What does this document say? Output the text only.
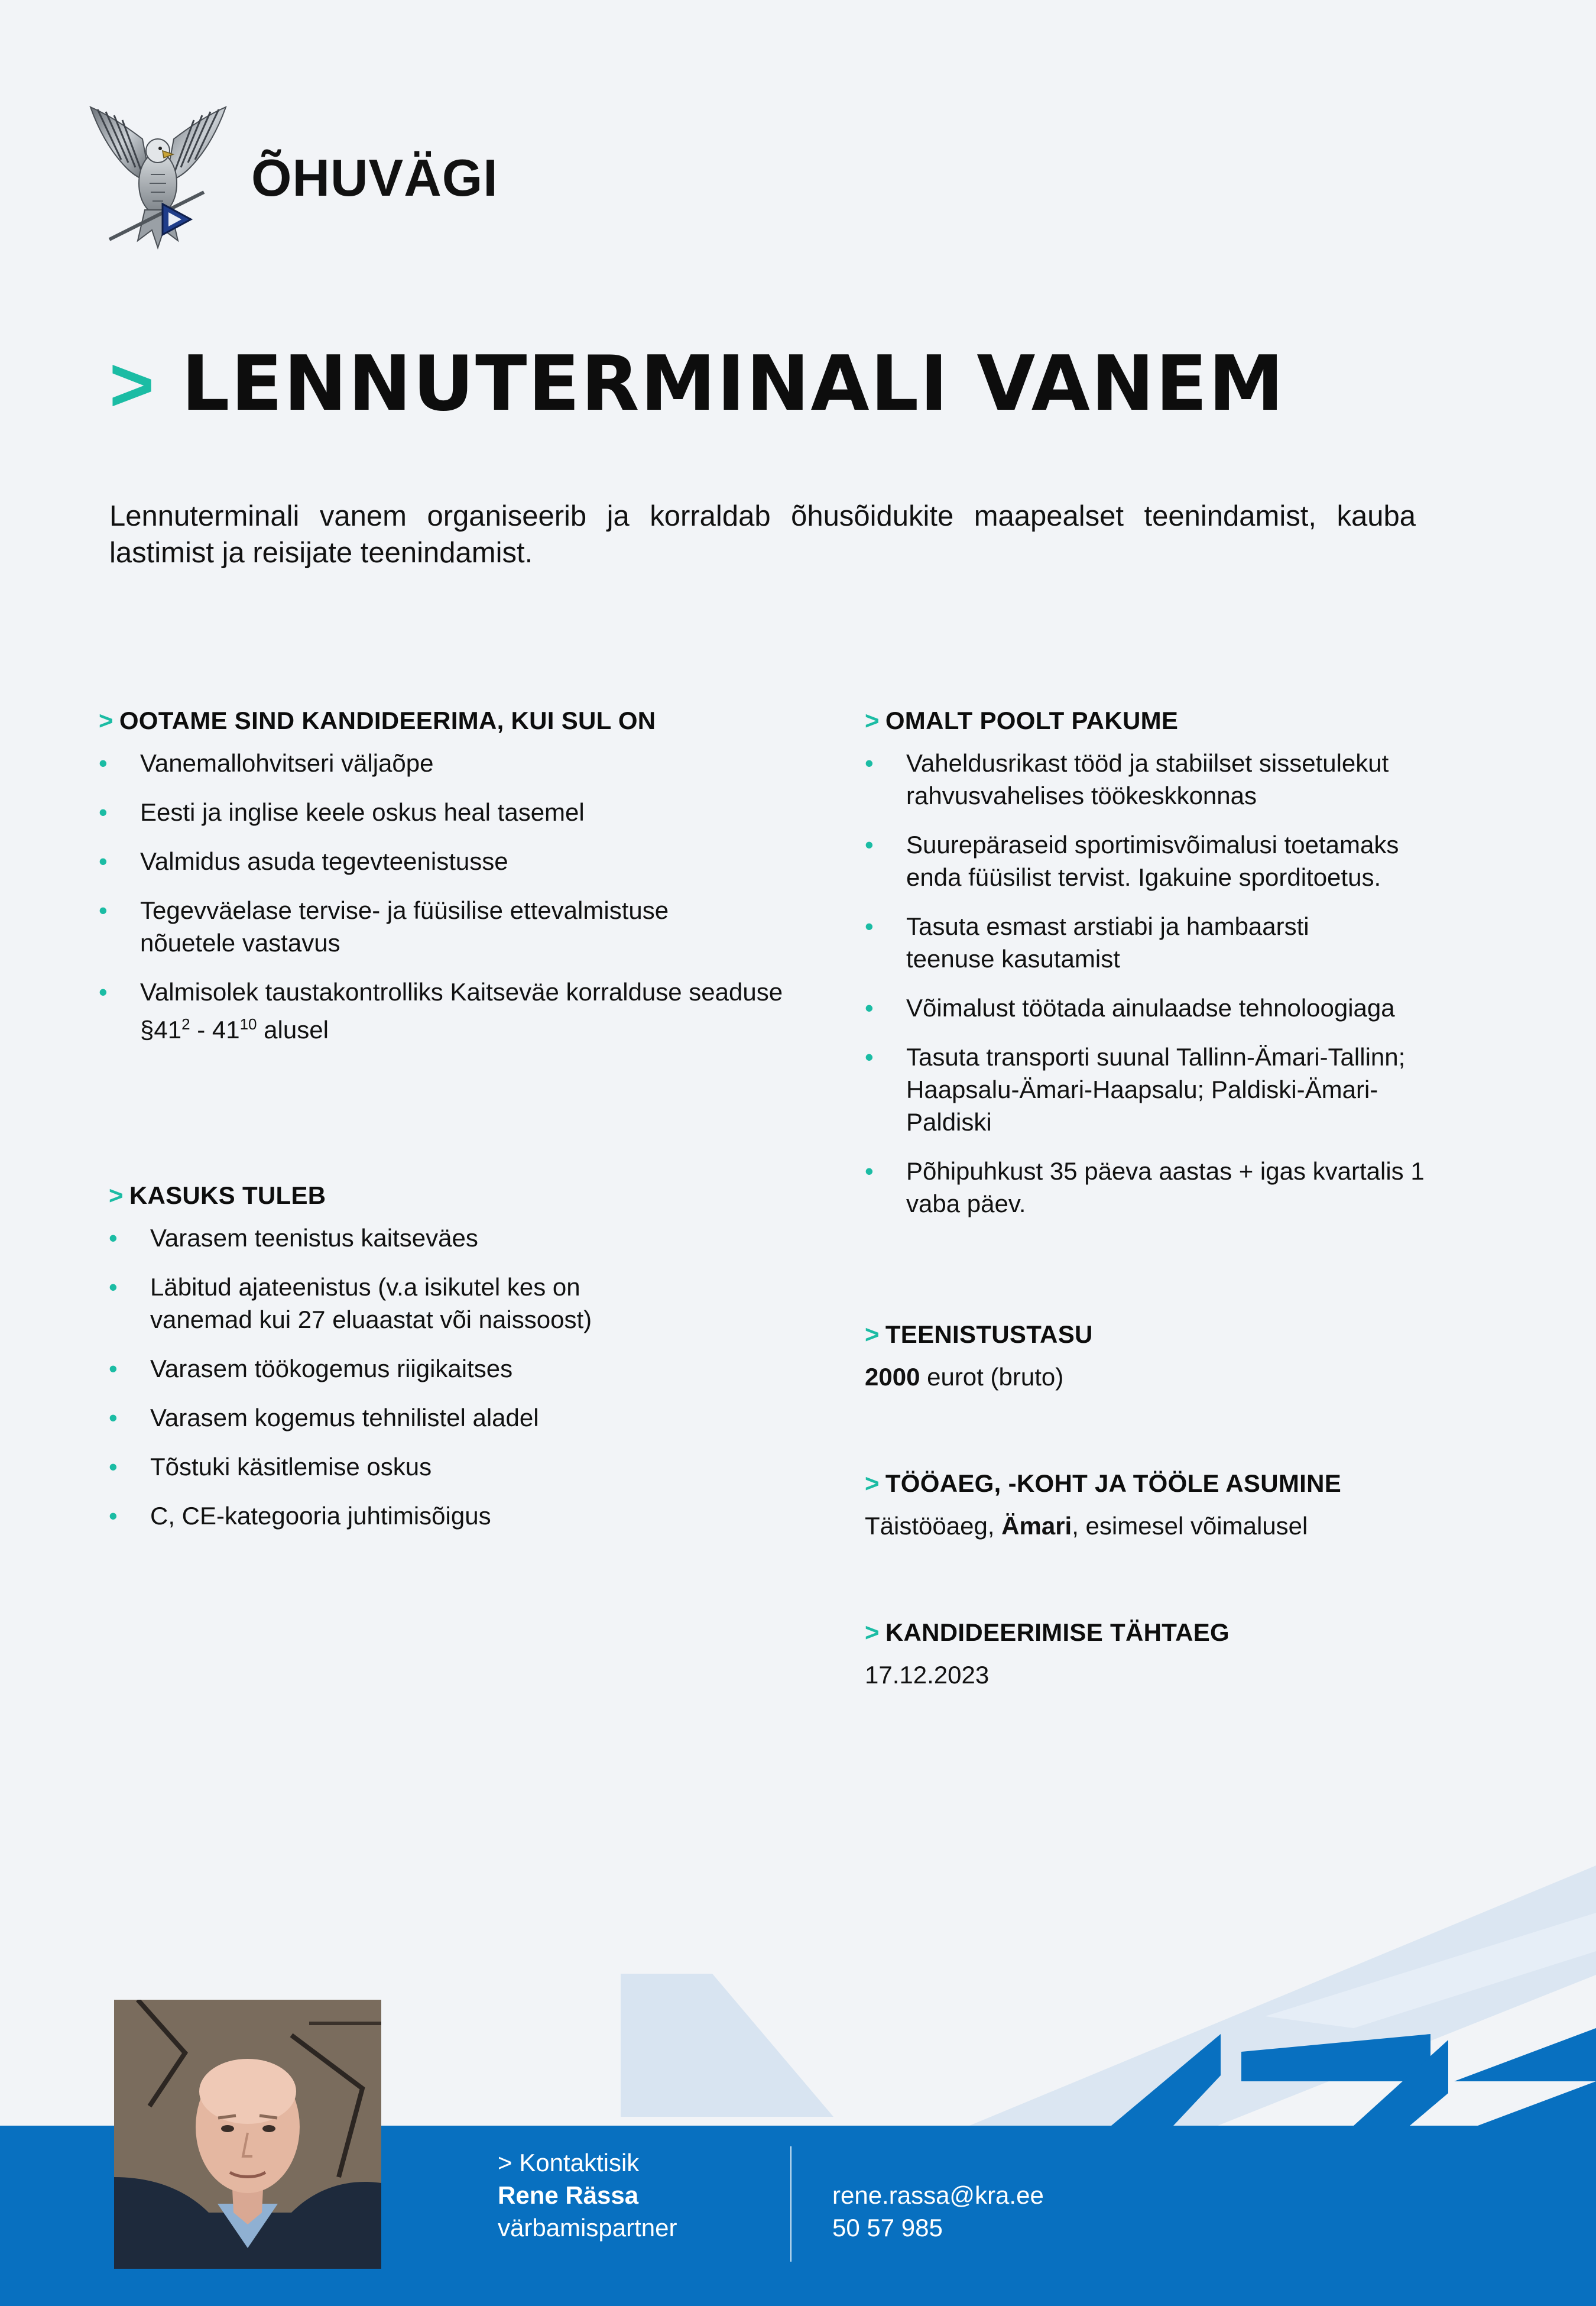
ÕHUVÄGI
> LENNUTERMINALI VANEM

Lennuterminali vanem organiseerib ja korraldab õhusõidukite maapealset teenindamist, kauba lastimist ja reisijate teenindamist.

> OOTAME SIND KANDIDEERIMA, KUI SUL ON
• Vanemallohvitseri väljaõpe
• Eesti ja inglise keele oskus heal tasemel
• Valmidus asuda tegevteenistusse
• Tegevväelase tervise- ja füüsilise ettevalmistuse nõuetele vastavus
• Valmisolek taustakontrolliks Kaitseväe korralduse seaduse $\S 41^2 - 41^{10}$ alusel
> KASUKS TULEB
• Varasem teenistus kaitseväes
• Läbitud ajateenistus (v.a isikutel kes on vanemad kui 27 eluaastat või naissoost)
• Varasem töökogemus riigikaitses
• Varasem kogemus tehnilistel aladel
• Tõstuki käsitlemise oskus
• C, CE-kategooria juhtimisõigus
> OMALT POOLT PAKUME
• Vaheldusrikast tööd ja stabiilset sissetulekut rahvusvahelises töökeskkonnas
• Suurepäraseid sportimisvõimalusi toetamaks enda füüsilist tervist. Igakuine sporditoetus.
• Tasuta esmast arstiabi ja hambaarsti teenuse kasutamist
• Võimalust töötada ainulaadse tehnoloogiaga
• Tasuta transporti suunal Tallinn-Ämari-Tallinn; Haapsalu-Ämari-Haapsalu; Paldiski-Ämari-Paldiski
• Põhipuhkust 35 päeva aastas + igas kvartalis 1 vaba päev.
> TEENISTUSTASU
2000 eurot (bruto)
> TÖÖAEG, -KOHT JA TÖÖLE ASUMINE
Täistööaeg, Ämari, esimesel võimalusel
> KANDIDEERIMISE TÄHTAEG
17.12.2023
> Kontaktisik
Rene Rässa
värbamispartner
rene.rassa@kra.ee
50 57 985
